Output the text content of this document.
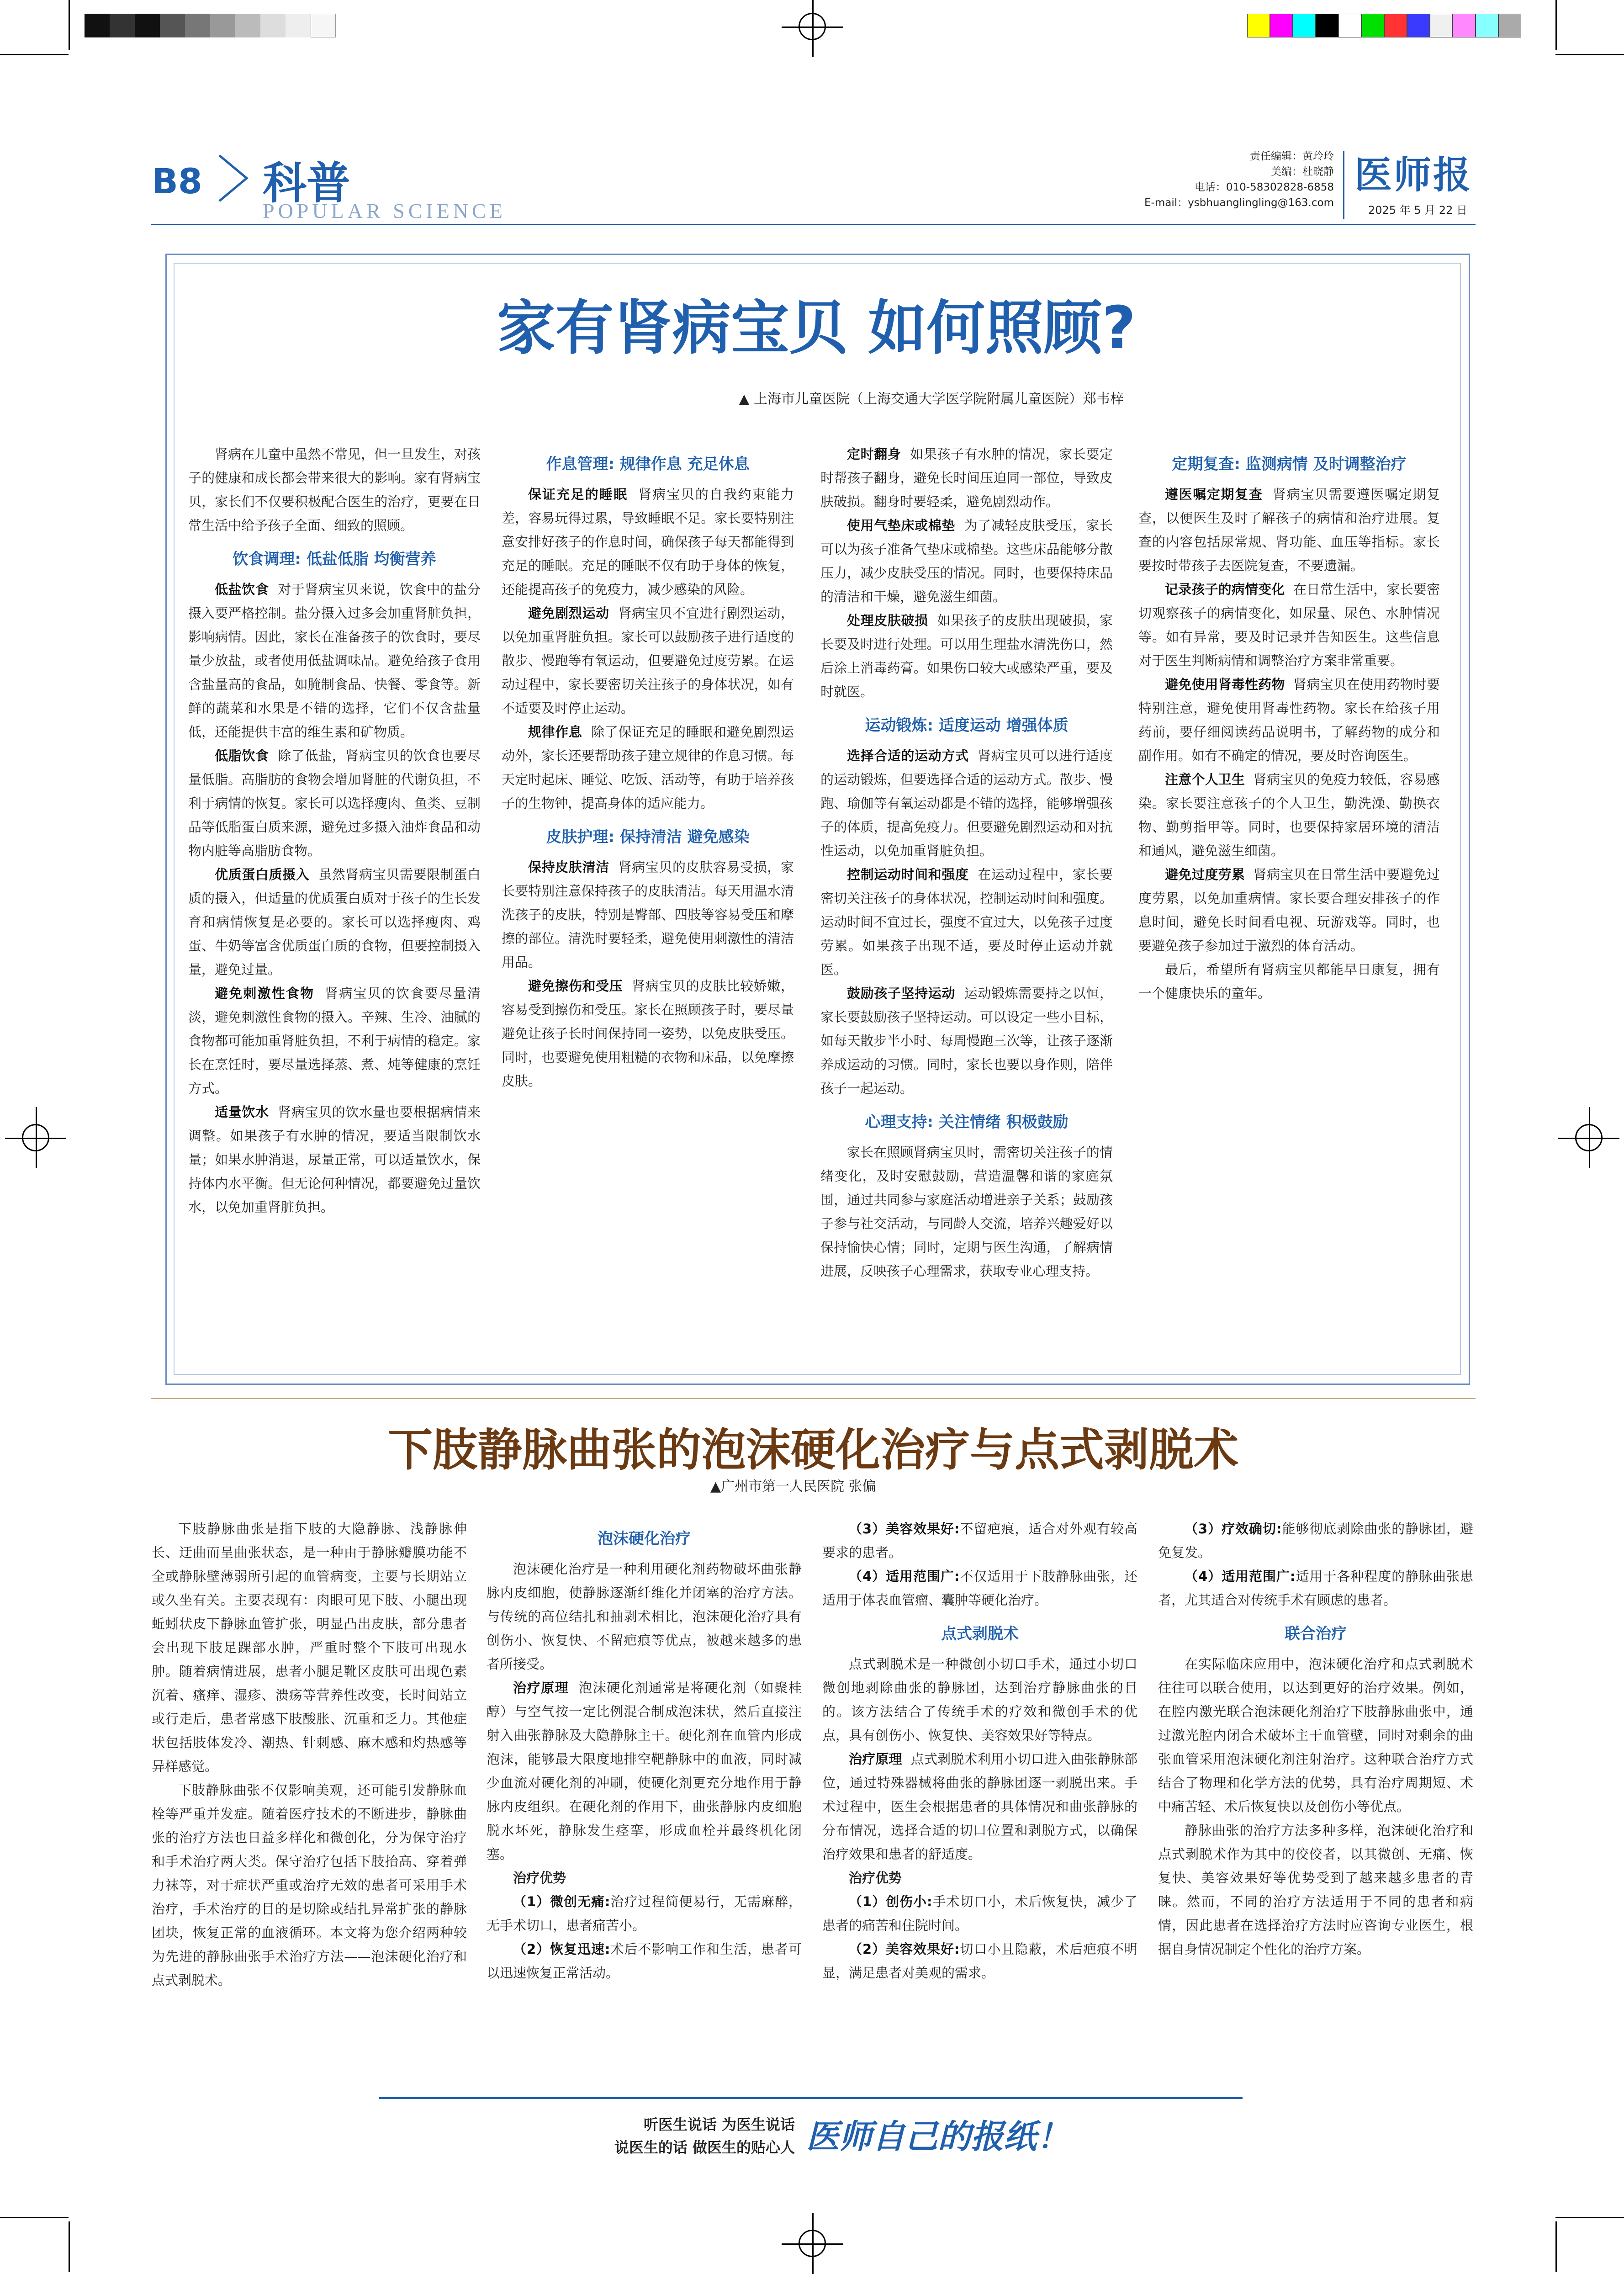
B8 科普
POPULAR SCIENCE
责任编辑：黄玲玲
美编：杜晓静
电话：010-58302828-6858
E-mail：ysbhuanglingling@163.com
医师报
2025 年 5 月 22 日
家有肾病宝贝 如何照顾?
▲ 上海市儿童医院（上海交通大学医学院附属儿童医院）郑韦梓

肾病在儿童中虽然不常见，但一旦发生，对孩子的健康和成长都会带来很大的影响。家有肾病宝贝，家长们不仅要积极配合医生的治疗，更要在日常生活中给予孩子全面、细致的照顾。

饮食调理: 低盐低脂 均衡营养

低盐饮食 对于肾病宝贝来说，饮食中的盐分摄入要严格控制。盐分摄入过多会加重肾脏负担，影响病情。因此，家长在准备孩子的饮食时，要尽量少放盐，或者使用低盐调味品。避免给孩子食用含盐量高的食品，如腌制食品、快餐、零食等。新鲜的蔬菜和水果是不错的选择，它们不仅含盐量低，还能提供丰富的维生素和矿物质。

低脂饮食 除了低盐，肾病宝贝的饮食也要尽量低脂。高脂肪的食物会增加肾脏的代谢负担，不利于病情的恢复。家长可以选择瘦肉、鱼类、豆制品等低脂蛋白质来源，避免过多摄入油炸食品和动物内脏等高脂肪食物。

优质蛋白质摄入 虽然肾病宝贝需要限制蛋白质的摄入，但适量的优质蛋白质对于孩子的生长发育和病情恢复是必要的。家长可以选择瘦肉、鸡蛋、牛奶等富含优质蛋白质的食物，但要控制摄入量，避免过量。

避免刺激性食物 肾病宝贝的饮食要尽量清淡，避免刺激性食物的摄入。辛辣、生冷、油腻的食物都可能加重肾脏负担，不利于病情的稳定。家长在烹饪时，要尽量选择蒸、煮、炖等健康的烹饪方式。

适量饮水 肾病宝贝的饮水量也要根据病情来调整。如果孩子有水肿的情况，要适当限制饮水量；如果水肿消退，尿量正常，可以适量饮水，保持体内水平衡。但无论何种情况，都要避免过量饮水，以免加重肾脏负担。

作息管理: 规律作息 充足休息

保证充足的睡眠 肾病宝贝的自我约束能力差，容易玩得过累，导致睡眠不足。家长要特别注意安排好孩子的作息时间，确保孩子每天都能得到充足的睡眠。充足的睡眠不仅有助于身体的恢复，还能提高孩子的免疫力，减少感染的风险。

避免剧烈运动 肾病宝贝不宜进行剧烈运动，以免加重肾脏负担。家长可以鼓励孩子进行适度的散步、慢跑等有氧运动，但要避免过度劳累。在运动过程中，家长要密切关注孩子的身体状况，如有不适要及时停止运动。

规律作息 除了保证充足的睡眠和避免剧烈运动外，家长还要帮助孩子建立规律的作息习惯。每天定时起床、睡觉、吃饭、活动等，有助于培养孩子的生物钟，提高身体的适应能力。

皮肤护理: 保持清洁 避免感染

保持皮肤清洁 肾病宝贝的皮肤容易受损，家长要特别注意保持孩子的皮肤清洁。每天用温水清洗孩子的皮肤，特别是臀部、四肢等容易受压和摩擦的部位。清洗时要轻柔，避免使用刺激性的清洁用品。

避免擦伤和受压 肾病宝贝的皮肤比较娇嫩，容易受到擦伤和受压。家长在照顾孩子时，要尽量避免让孩子长时间保持同一姿势，以免皮肤受压。同时，也要避免使用粗糙的衣物和床品，以免摩擦皮肤。

定时翻身 如果孩子有水肿的情况，家长要定时帮孩子翻身，避免长时间压迫同一部位，导致皮肤破损。翻身时要轻柔，避免剧烈动作。

使用气垫床或棉垫 为了减轻皮肤受压，家长可以为孩子准备气垫床或棉垫。这些床品能够分散压力，减少皮肤受压的情况。同时，也要保持床品的清洁和干燥，避免滋生细菌。

处理皮肤破损 如果孩子的皮肤出现破损，家长要及时进行处理。可以用生理盐水清洗伤口，然后涂上消毒药膏。如果伤口较大或感染严重，要及时就医。

运动锻炼: 适度运动 增强体质

选择合适的运动方式 肾病宝贝可以进行适度的运动锻炼，但要选择合适的运动方式。散步、慢跑、瑜伽等有氧运动都是不错的选择，能够增强孩子的体质，提高免疫力。但要避免剧烈运动和对抗性运动，以免加重肾脏负担。

控制运动时间和强度 在运动过程中，家长要密切关注孩子的身体状况，控制运动时间和强度。运动时间不宜过长，强度不宜过大，以免孩子过度劳累。如果孩子出现不适，要及时停止运动并就医。

鼓励孩子坚持运动 运动锻炼需要持之以恒，家长要鼓励孩子坚持运动。可以设定一些小目标，如每天散步半小时、每周慢跑三次等，让孩子逐渐养成运动的习惯。同时，家长也要以身作则，陪伴孩子一起运动。

心理支持: 关注情绪 积极鼓励

家长在照顾肾病宝贝时，需密切关注孩子的情绪变化，及时安慰鼓励，营造温馨和谐的家庭氛围，通过共同参与家庭活动增进亲子关系；鼓励孩子参与社交活动，与同龄人交流，培养兴趣爱好以保持愉快心情；同时，定期与医生沟通，了解病情进展，反映孩子心理需求，获取专业心理支持。

定期复查: 监测病情 及时调整治疗

遵医嘱定期复查 肾病宝贝需要遵医嘱定期复查，以便医生及时了解孩子的病情和治疗进展。复查的内容包括尿常规、肾功能、血压等指标。家长要按时带孩子去医院复查，不要遗漏。

记录孩子的病情变化 在日常生活中，家长要密切观察孩子的病情变化，如尿量、尿色、水肿情况等。如有异常，要及时记录并告知医生。这些信息对于医生判断病情和调整治疗方案非常重要。

避免使用肾毒性药物 肾病宝贝在使用药物时要特别注意，避免使用肾毒性药物。家长在给孩子用药前，要仔细阅读药品说明书，了解药物的成分和副作用。如有不确定的情况，要及时咨询医生。

注意个人卫生 肾病宝贝的免疫力较低，容易感染。家长要注意孩子的个人卫生，勤洗澡、勤换衣物、勤剪指甲等。同时，也要保持家居环境的清洁和通风，避免滋生细菌。

避免过度劳累 肾病宝贝在日常生活中要避免过度劳累，以免加重病情。家长要合理安排孩子的作息时间，避免长时间看电视、玩游戏等。同时，也要避免孩子参加过于激烈的体育活动。

最后，希望所有肾病宝贝都能早日康复，拥有一个健康快乐的童年。

下肢静脉曲张的泡沫硬化治疗与点式剥脱术
▲广州市第一人民医院 张偏

下肢静脉曲张是指下肢的大隐静脉、浅静脉伸长、迂曲而呈曲张状态，是一种由于静脉瓣膜功能不全或静脉壁薄弱所引起的血管病变，主要与长期站立或久坐有关。主要表现有：肉眼可见下肢、小腿出现蚯蚓状皮下静脉血管扩张，明显凸出皮肤，部分患者会出现下肢足踝部水肿，严重时整个下肢可出现水肿。随着病情进展，患者小腿足靴区皮肤可出现色素沉着、瘙痒、湿疹、溃疡等营养性改变，长时间站立或行走后，患者常感下肢酸胀、沉重和乏力。其他症状包括肢体发冷、潮热、针刺感、麻木感和灼热感等异样感觉。

下肢静脉曲张不仅影响美观，还可能引发静脉血栓等严重并发症。随着医疗技术的不断进步，静脉曲张的治疗方法也日益多样化和微创化，分为保守治疗和手术治疗两大类。保守治疗包括下肢抬高、穿着弹力袜等，对于症状严重或治疗无效的患者可采用手术治疗，手术治疗的目的是切除或结扎异常扩张的静脉团块，恢复正常的血液循环。本文将为您介绍两种较为先进的静脉曲张手术治疗方法——泡沫硬化治疗和点式剥脱术。

泡沫硬化治疗

泡沫硬化治疗是一种利用硬化剂药物破坏曲张静脉内皮细胞，使静脉逐渐纤维化并闭塞的治疗方法。与传统的高位结扎和抽剥术相比，泡沫硬化治疗具有创伤小、恢复快、不留疤痕等优点，被越来越多的患者所接受。

治疗原理 泡沫硬化剂通常是将硬化剂（如聚桂醇）与空气按一定比例混合制成泡沫状，然后直接注射入曲张静脉及大隐静脉主干。硬化剂在血管内形成泡沫，能够最大限度地排空靶静脉中的血液，同时减少血流对硬化剂的冲刷，使硬化剂更充分地作用于静脉内皮组织。在硬化剂的作用下，曲张静脉内皮细胞脱水坏死，静脉发生痉挛，形成血栓并最终机化闭塞。

治疗优势

（1）微创无痛:治疗过程简便易行，无需麻醉，无手术切口，患者痛苦小。

（2）恢复迅速:术后不影响工作和生活，患者可以迅速恢复正常活动。

（3）美容效果好:不留疤痕，适合对外观有较高要求的患者。

（4）适用范围广:不仅适用于下肢静脉曲张，还适用于体表血管瘤、囊肿等硬化治疗。

点式剥脱术

点式剥脱术是一种微创小切口手术，通过小切口微创地剥除曲张的静脉团，达到治疗静脉曲张的目的。该方法结合了传统手术的疗效和微创手术的优点，具有创伤小、恢复快、美容效果好等特点。

治疗原理 点式剥脱术利用小切口进入曲张静脉部位，通过特殊器械将曲张的静脉团逐一剥脱出来。手术过程中，医生会根据患者的具体情况和曲张静脉的分布情况，选择合适的切口位置和剥脱方式，以确保治疗效果和患者的舒适度。

治疗优势

（1）创伤小:手术切口小，术后恢复快，减少了患者的痛苦和住院时间。

（2）美容效果好:切口小且隐蔽，术后疤痕不明显，满足患者对美观的需求。

（3）疗效确切:能够彻底剥除曲张的静脉团，避免复发。

（4）适用范围广:适用于各种程度的静脉曲张患者，尤其适合对传统手术有顾虑的患者。

联合治疗

在实际临床应用中，泡沫硬化治疗和点式剥脱术往往可以联合使用，以达到更好的治疗效果。例如，在腔内激光联合泡沫硬化剂治疗下肢静脉曲张中，通过激光腔内闭合术破坏主干血管壁，同时对剩余的曲张血管采用泡沫硬化剂注射治疗。这种联合治疗方式结合了物理和化学方法的优势，具有治疗周期短、术中痛苦轻、术后恢复快以及创伤小等优点。

静脉曲张的治疗方法多种多样，泡沫硬化治疗和点式剥脱术作为其中的佼佼者，以其微创、无痛、恢复快、美容效果好等优势受到了越来越多患者的青睐。然而，不同的治疗方法适用于不同的患者和病情，因此患者在选择治疗方法时应咨询专业医生，根据自身情况制定个性化的治疗方案。

听医生说话 为医生说话
说医生的话 做医生的贴心人 医师自己的报纸！
